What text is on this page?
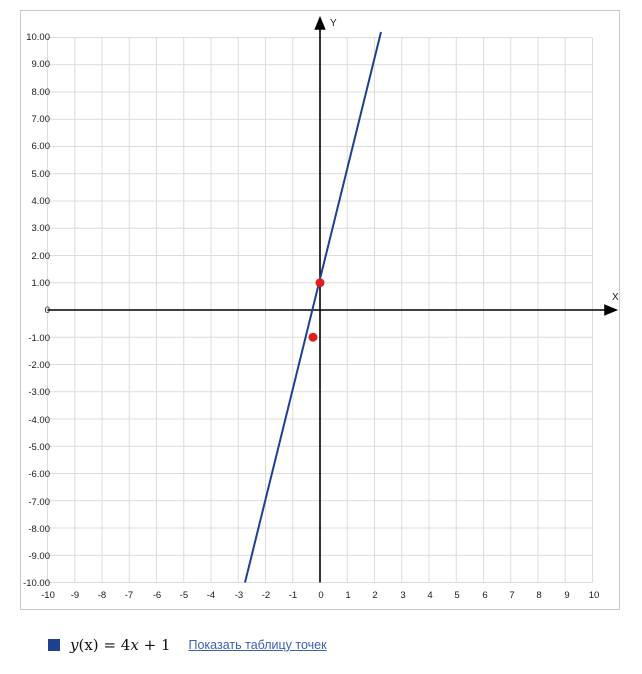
10.00
9.00
8.00
7.00
6.00
5.00
4.00
3.00
2.00
1.00
0
-1.00
-2.00
-3.00
-4.00
-5.00
-6.00
-7.00
-8.00
-9.00
-10.00
-10	-9	-8	-7	-6	-5	-4	-3	-2	-1	0	1	2	3	4	5	6	7	8	9	10
Y
X
y(x) = 4x + 1 Показать таблицу точек
